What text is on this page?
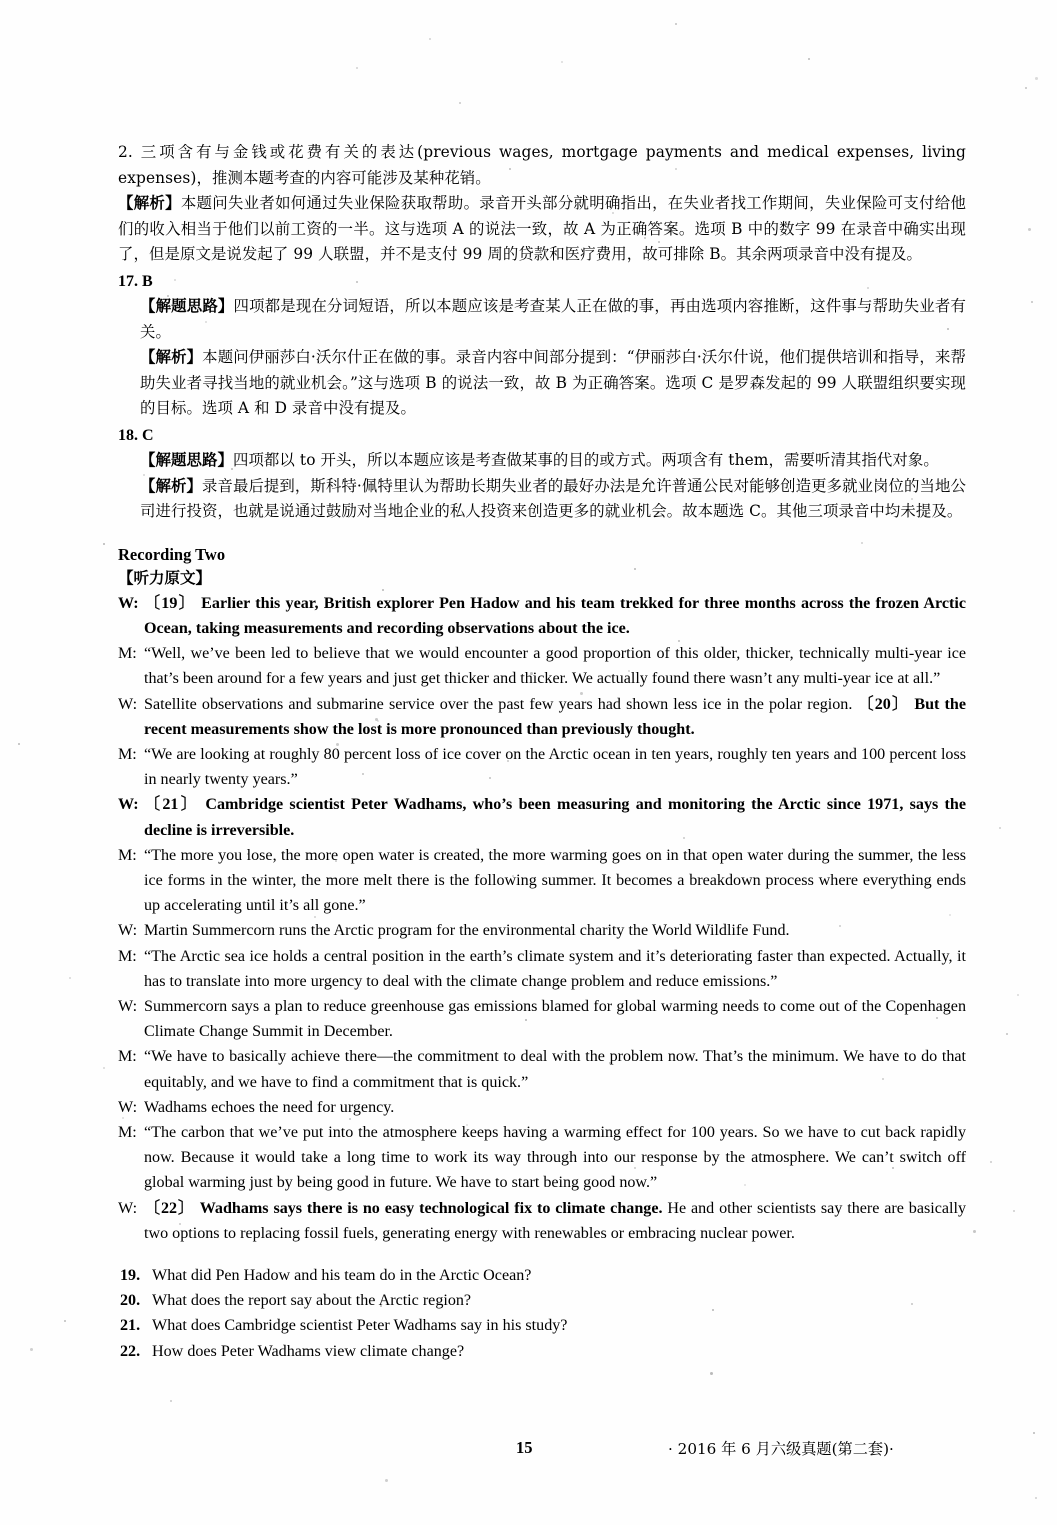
2. 三项含有与金钱或花费有关的表达(previous wages, mortgage payments and medical expenses, living expenses)，推测本题考查的内容可能涉及某种花销。
【解析】本题问失业者如何通过失业保险获取帮助。录音开头部分就明确指出，在失业者找工作期间，失业保险可支付给他们的收入相当于他们以前工资的一半。这与选项 A 的说法一致，故 A 为正确答案。选项 B 中的数字 99 在录音中确实出现了，但是原文是说发起了 99 人联盟，并不是支付 99 周的贷款和医疗费用，故可排除 B。其余两项录音中没有提及。
17. B
【解题思路】四项都是现在分词短语，所以本题应该是考查某人正在做的事，再由选项内容推断，这件事与帮助失业者有关。
【解析】本题问伊丽莎白·沃尔什正在做的事。录音内容中间部分提到：“伊丽莎白·沃尔什说，他们提供培训和指导，来帮助失业者寻找当地的就业机会。”这与选项 B 的说法一致，故 B 为正确答案。选项 C 是罗森发起的 99 人联盟组织要实现的目标。选项 A 和 D 录音中没有提及。
18. C
【解题思路】四项都以 to 开头，所以本题应该是考查做某事的目的或方式。两项含有 them，需要听清其指代对象。
【解析】录音最后提到，斯科特·佩特里认为帮助长期失业者的最好办法是允许普通公民对能够创造更多就业岗位的当地公司进行投资，也就是说通过鼓励对当地企业的私人投资来创造更多的就业机会。故本题选 C。其他三项录音中均未提及。
Recording Two
【听力原文】
W: 〔19〕 Earlier this year, British explorer Pen Hadow and his team trekked for three months across the frozen Arctic Ocean, taking measurements and recording observations about the ice.
M: “Well, we’ve been led to believe that we would encounter a good proportion of this older, thicker, technically multi-year ice that’s been around for a few years and just get thicker and thicker. We actually found there wasn’t any multi-year ice at all.”
W: Satellite observations and submarine service over the past few years had shown less ice in the polar region. 〔20〕 But the recent measurements show the lost is more pronounced than previously thought.
M: “We are looking at roughly 80 percent loss of ice cover on the Arctic ocean in ten years, roughly ten years and 100 percent loss in nearly twenty years.”
W: 〔21〕 Cambridge scientist Peter Wadhams, who’s been measuring and monitoring the Arctic since 1971, says the decline is irreversible.
M: “The more you lose, the more open water is created, the more warming goes on in that open water during the summer, the less ice forms in the winter, the more melt there is the following summer. It becomes a breakdown process where everything ends up accelerating until it’s all gone.”
W: Martin Summercorn runs the Arctic program for the environmental charity the World Wildlife Fund.
M: “The Arctic sea ice holds a central position in the earth’s climate system and it’s deteriorating faster than expected. Actually, it has to translate into more urgency to deal with the climate change problem and reduce emissions.”
W: Summercorn says a plan to reduce greenhouse gas emissions blamed for global warming needs to come out of the Copenhagen Climate Change Summit in December.
M: “We have to basically achieve there—the commitment to deal with the problem now. That’s the minimum. We have to do that equitably, and we have to find a commitment that is quick.”
W: Wadhams echoes the need for urgency.
M: “The carbon that we’ve put into the atmosphere keeps having a warming effect for 100 years. So we have to cut back rapidly now. Because it would take a long time to work its way through into our response by the atmosphere. We can’t switch off global warming just by being good in future. We have to start being good now.”
W: 〔22〕 Wadhams says there is no easy technological fix to climate change. He and other scientists say there are basically two options to replacing fossil fuels, generating energy with renewables or embracing nuclear power.
19. What did Pen Hadow and his team do in the Arctic Ocean?
20. What does the report say about the Arctic region?
21. What does Cambridge scientist Peter Wadhams say in his study?
22. How does Peter Wadhams view climate change?
15	· 2016 年 6 月六级真题(第二套)·
